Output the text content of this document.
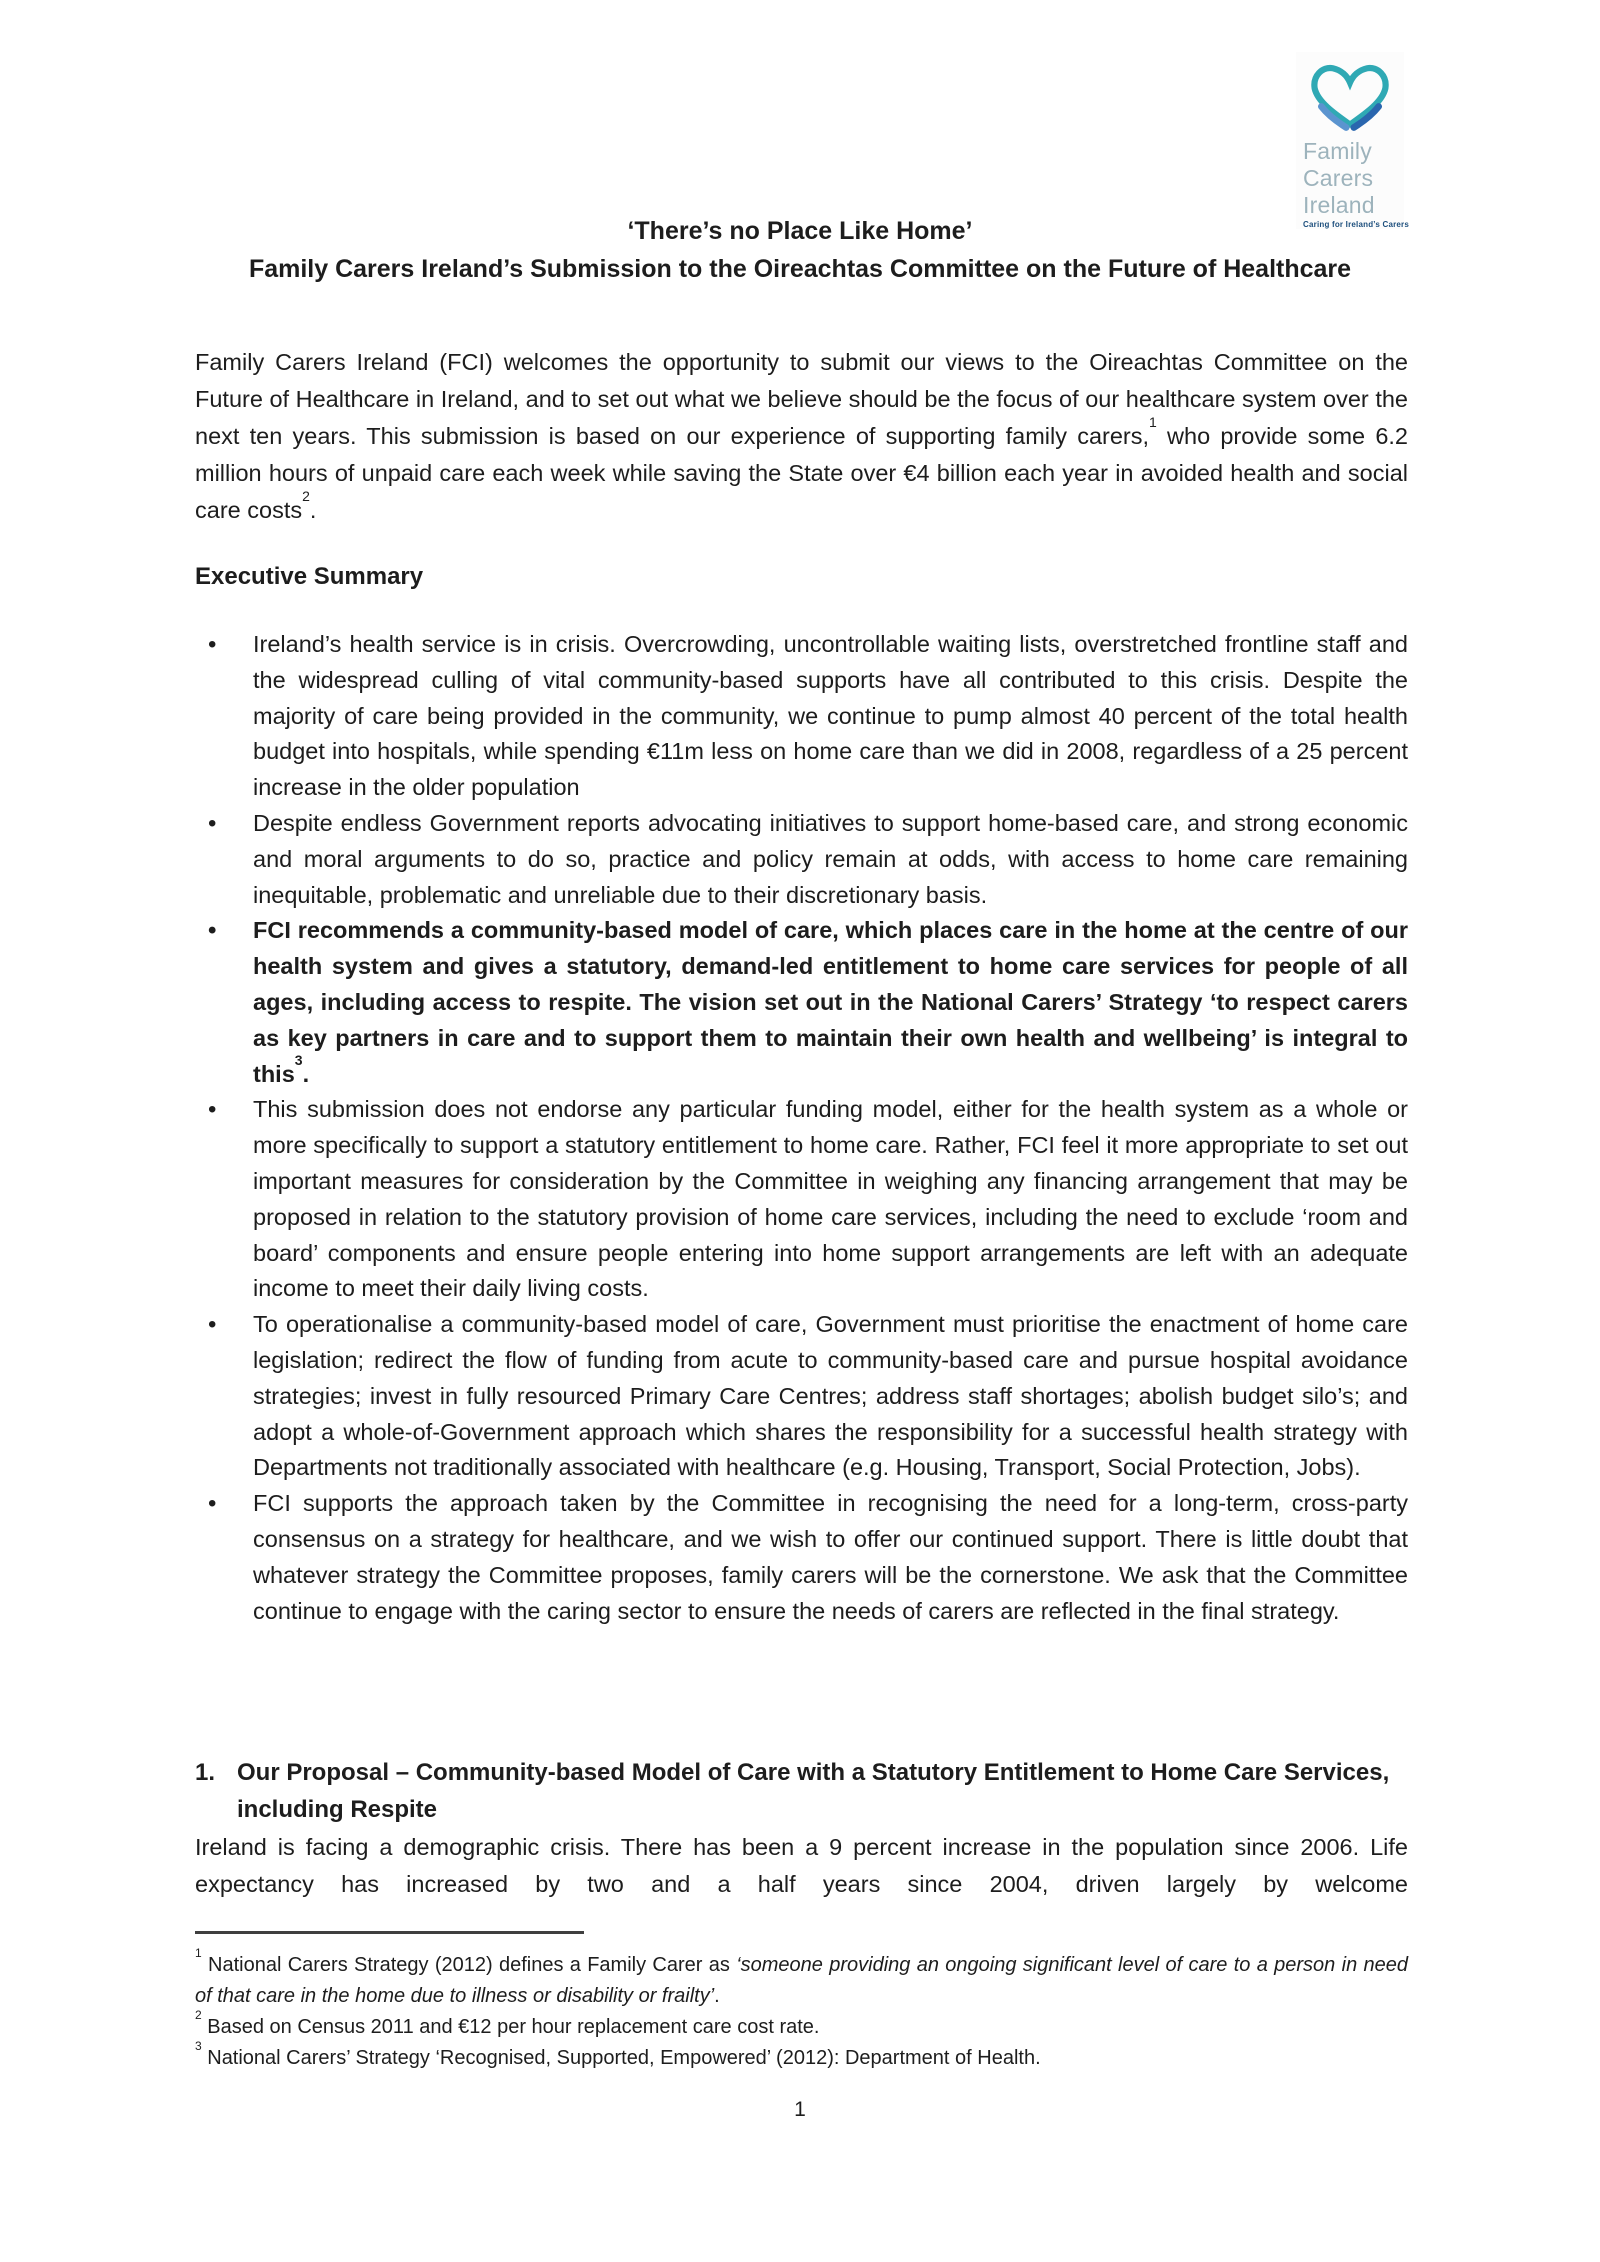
Family
Carers
Ireland
Caring for Ireland’s Carers
‘There’s no Place Like Home’
Family Carers Ireland’s Submission to the Oireachtas Committee on the Future of Healthcare
Family Carers Ireland (FCI) welcomes the opportunity to submit our views to the Oireachtas Committee on the Future of Healthcare in Ireland, and to set out what we believe should be the focus of our healthcare system over the next ten years. This submission is based on our experience of supporting family carers,$^1$ who provide some 6.2 million hours of unpaid care each week while saving the State over €4 billion each year in avoided health and social care costs$^2$.
Executive Summary
• Ireland’s health service is in crisis. Overcrowding, uncontrollable waiting lists, overstretched frontline staff and the widespread culling of vital community-based supports have all contributed to this crisis. Despite the majority of care being provided in the community, we continue to pump almost 40 percent of the total health budget into hospitals, while spending €11m less on home care than we did in 2008, regardless of a 25 percent increase in the older population
• Despite endless Government reports advocating initiatives to support home-based care, and strong economic and moral arguments to do so, practice and policy remain at odds, with access to home care remaining inequitable, problematic and unreliable due to their discretionary basis.
• FCI recommends a community-based model of care, which places care in the home at the centre of our health system and gives a statutory, demand-led entitlement to home care services for people of all ages, including access to respite. The vision set out in the National Carers’ Strategy ‘to respect carers as key partners in care and to support them to maintain their own health and wellbeing’ is integral to this$^3$.
• This submission does not endorse any particular funding model, either for the health system as a whole or more specifically to support a statutory entitlement to home care. Rather, FCI feel it more appropriate to set out important measures for consideration by the Committee in weighing any financing arrangement that may be proposed in relation to the statutory provision of home care services, including the need to exclude ‘room and board’ components and ensure people entering into home support arrangements are left with an adequate income to meet their daily living costs.
• To operationalise a community-based model of care, Government must prioritise the enactment of home care legislation; redirect the flow of funding from acute to community-based care and pursue hospital avoidance strategies; invest in fully resourced Primary Care Centres; address staff shortages; abolish budget silo’s; and adopt a whole-of-Government approach which shares the responsibility for a successful health strategy with Departments not traditionally associated with healthcare (e.g. Housing, Transport, Social Protection, Jobs).
• FCI supports the approach taken by the Committee in recognising the need for a long-term, cross-party consensus on a strategy for healthcare, and we wish to offer our continued support. There is little doubt that whatever strategy the Committee proposes, family carers will be the cornerstone. We ask that the Committee continue to engage with the caring sector to ensure the needs of carers are reflected in the final strategy.
1. Our Proposal – Community-based Model of Care with a Statutory Entitlement to Home Care Services, including Respite
Ireland is facing a demographic crisis. There has been a 9 percent increase in the population since 2006. Life expectancy has increased by two and a half years since 2004, driven largely by welcome
$^1$ National Carers Strategy (2012) defines a Family Carer as ‘someone providing an ongoing significant level of care to a person in need of that care in the home due to illness or disability or frailty’.
$^2$ Based on Census 2011 and €12 per hour replacement care cost rate.
$^3$ National Carers’ Strategy ‘Recognised, Supported, Empowered’ (2012): Department of Health.
1
